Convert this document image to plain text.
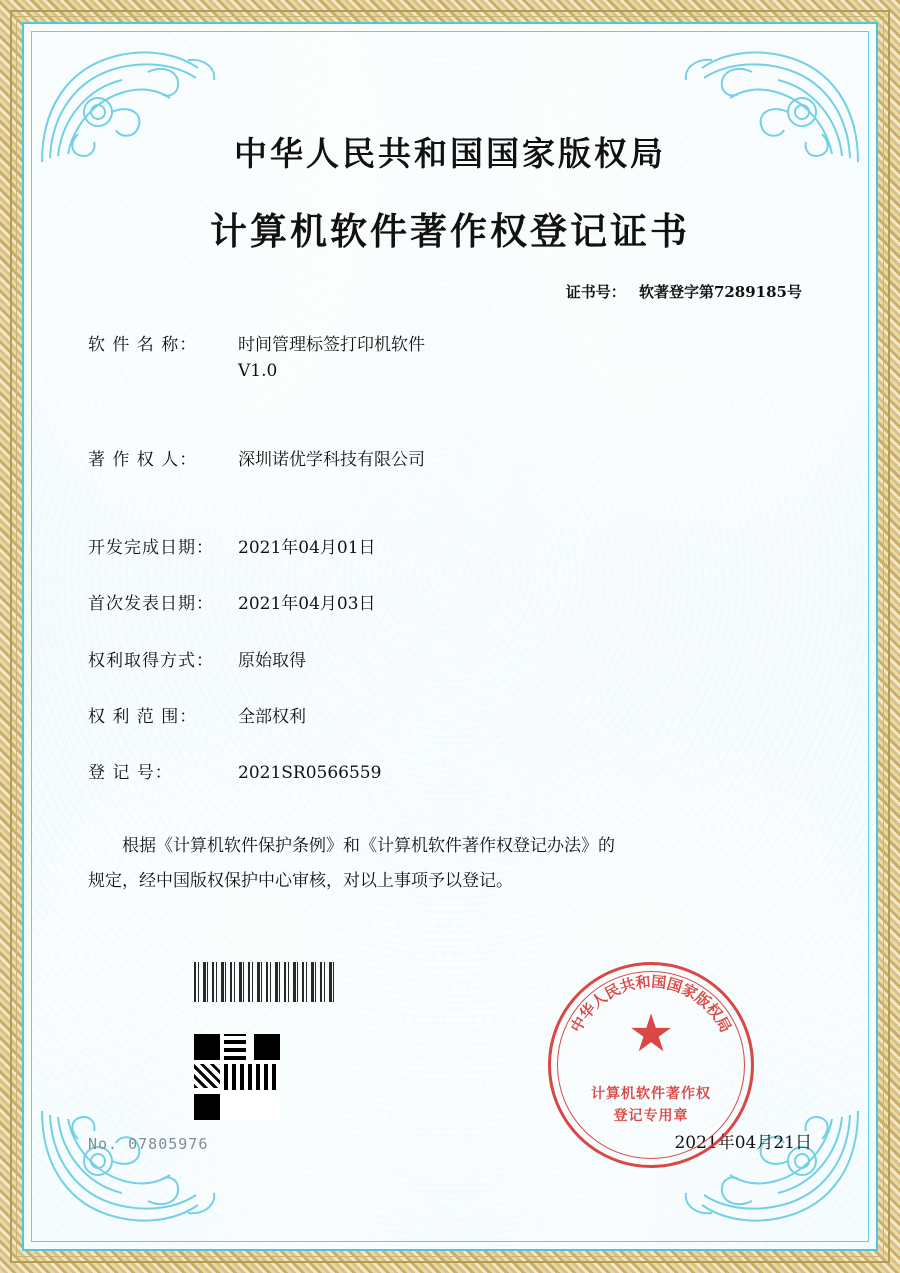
中华人民共和国国家版权局
计算机软件著作权登记证书
证书号： 软著登字第7289185号
软 件 名 称：	时间管理标签打印机软件
V1.0
著 作 权 人：	深圳诺优学科技有限公司
开发完成日期：	2021年04月01日
首次发表日期：	2021年04月03日
权利取得方式：	原始取得
权 利 范 围：	全部权利
登 记 号：	2021SR0566559
根据《计算机软件保护条例》和《计算机软件著作权登记办法》的
规定，经中国版权保护中心审核，对以上事项予以登记。
中华人民共和国国家版权局
★
计算机软件著作权
登记专用章
No. 07805976	2021年04月21日
